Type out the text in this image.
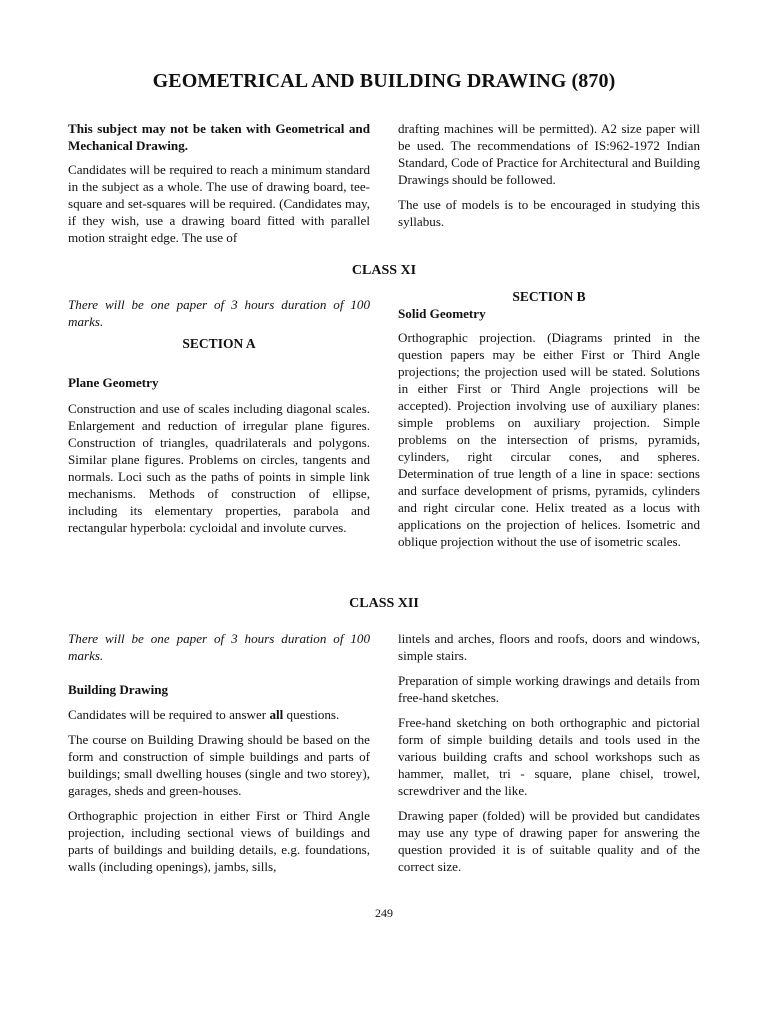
GEOMETRICAL AND BUILDING DRAWING (870)

This subject may not be taken with Geometrical and Mechanical Drawing.

Candidates will be required to reach a minimum standard in the subject as a whole. The use of drawing board, tee-square and set-squares will be required. (Candidates may, if they wish, use a drawing board fitted with parallel motion straight edge. The use of

drafting machines will be permitted). A2 size paper will be used. The recommendations of IS:962-1972 Indian Standard, Code of Practice for Architectural and Building Drawings should be followed.

The use of models is to be encouraged in studying this syllabus.

CLASS XI

There will be one paper of 3 hours duration of 100 marks.

SECTION A

Plane Geometry

Construction and use of scales including diagonal scales. Enlargement and reduction of irregular plane figures. Construction of triangles, quadrilaterals and polygons. Similar plane figures. Problems on circles, tangents and normals. Loci such as the paths of points in simple link mechanisms. Methods of construction of ellipse, including its elementary properties, parabola and rectangular hyperbola: cycloidal and involute curves.

SECTION B

Solid Geometry

Orthographic projection. (Diagrams printed in the question papers may be either First or Third Angle projections; the projection used will be stated. Solutions in either First or Third Angle projections will be accepted). Projection involving use of auxiliary planes: simple problems on auxiliary projection. Simple problems on the intersection of prisms, pyramids, cylinders, right circular cones, and spheres. Determination of true length of a line in space: sections and surface development of prisms, pyramids, cylinders and right circular cone. Helix treated as a locus with applications on the projection of helices. Isometric and oblique projection without the use of isometric scales.

CLASS XII

There will be one paper of 3 hours duration of 100 marks.

Building Drawing

Candidates will be required to answer all questions.

The course on Building Drawing should be based on the form and construction of simple buildings and parts of buildings; small dwelling houses (single and two storey), garages, sheds and green-houses.

Orthographic projection in either First or Third Angle projection, including sectional views of buildings and parts of buildings and building details, e.g. foundations, walls (including openings), jambs, sills,

lintels and arches, floors and roofs, doors and windows, simple stairs.

Preparation of simple working drawings and details from free-hand sketches.

Free-hand sketching on both orthographic and pictorial form of simple building details and tools used in the various building crafts and school workshops such as hammer, mallet, tri - square, plane chisel, trowel, screwdriver and the like.

Drawing paper (folded) will be provided but candidates may use any type of drawing paper for answering the question provided it is of suitable quality and of the correct size.

249
